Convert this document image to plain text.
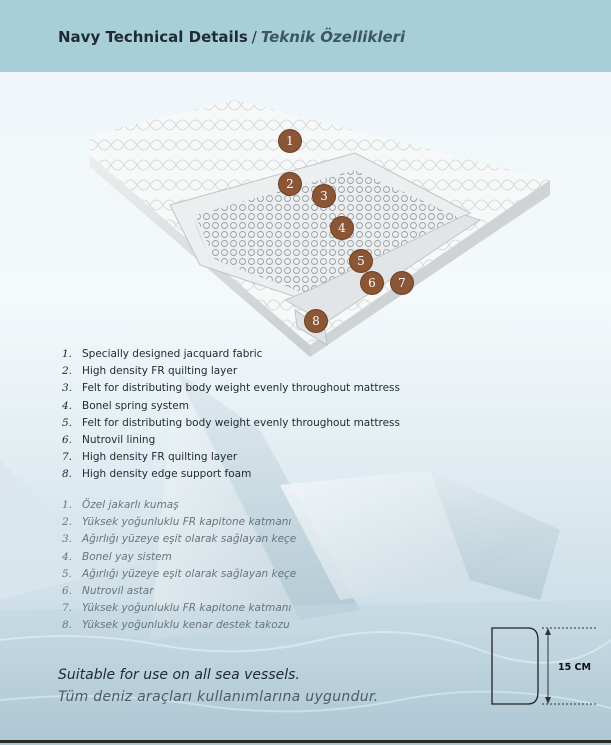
Navy Technical Details / Teknik Özellikleri
1
2
3
4
5
6	7
8
1. Specially designed jacquard fabric
2. High density FR quilting layer
3. Felt for distributing body weight evenly throughout mattress
4. Bonel spring system
5. Felt for distributing body weight evenly throughout mattress
6. Nutrovil lining
7. High density FR quilting layer
8. High density edge support foam
1. Özel jakarlı kumaş
2. Yüksek yoğunluklu FR kapitone katmanı
3. Ağırlığı yüzeye eşit olarak sağlayan keçe
4. Bonel yay sistem
5. Ağırlığı yüzeye eşit olarak sağlayan keçe
6. Nutrovil astar
7. Yüksek yoğunluklu FR kapitone katmanı
8. Yüksek yoğunluklu kenar destek takozu
Suitable for use on all sea vessels.
Tüm deniz araçları kullanımlarına uygundur.
15 CM
